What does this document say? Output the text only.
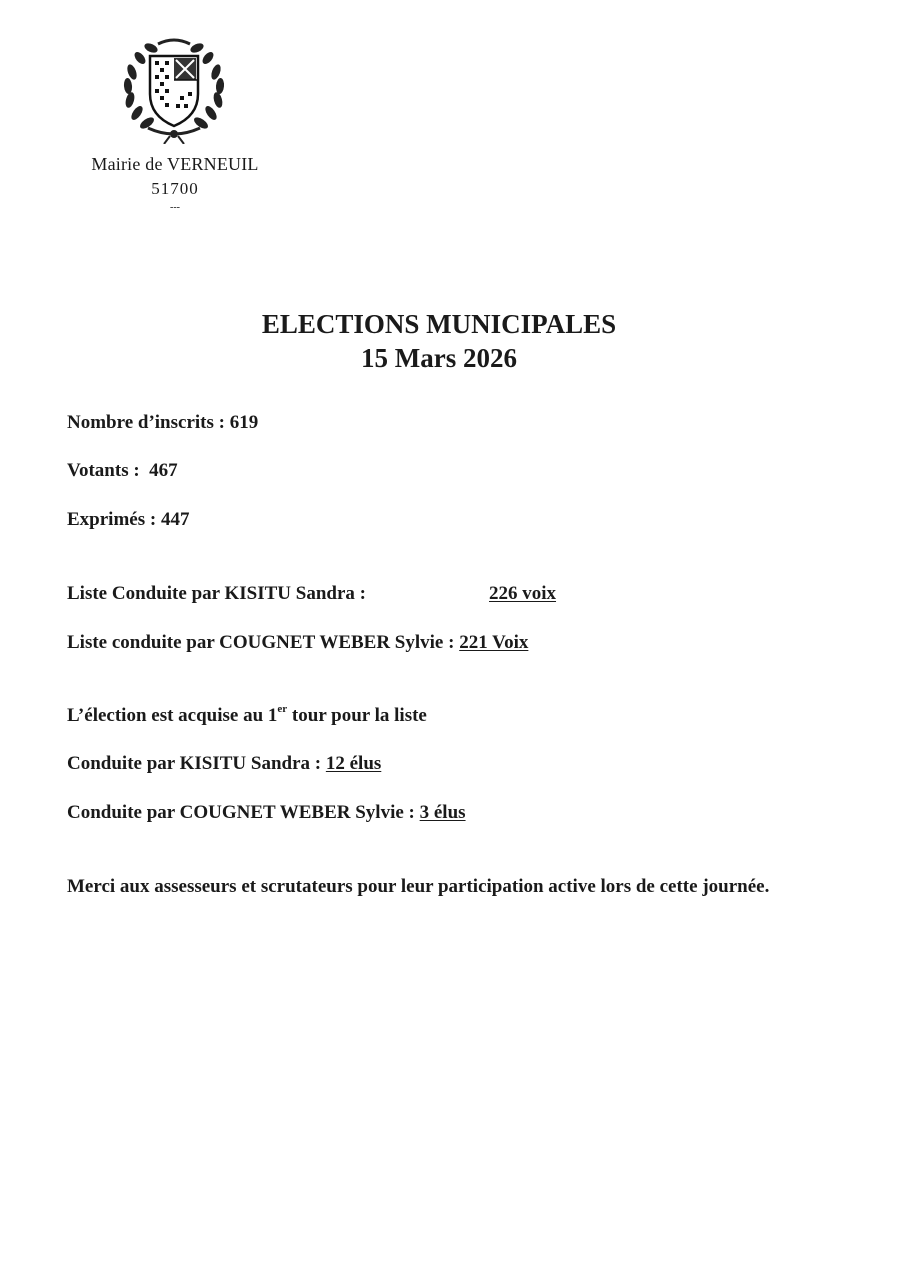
Mairie de VERNEUIL
51700
---
ELECTIONS MUNICIPALES
15 Mars 2026
Nombre d’inscrits : 619
Votants : 467
Exprimés : 447
Liste Conduite par KISITU Sandra :	226 voix
Liste conduite par COUGNET WEBER Sylvie : 221 Voix
L’élection est acquise au 1er tour pour la liste
Conduite par KISITU Sandra : 12 élus
Conduite par COUGNET WEBER Sylvie : 3 élus
Merci aux assesseurs et scrutateurs pour leur participation active lors de cette journée.
